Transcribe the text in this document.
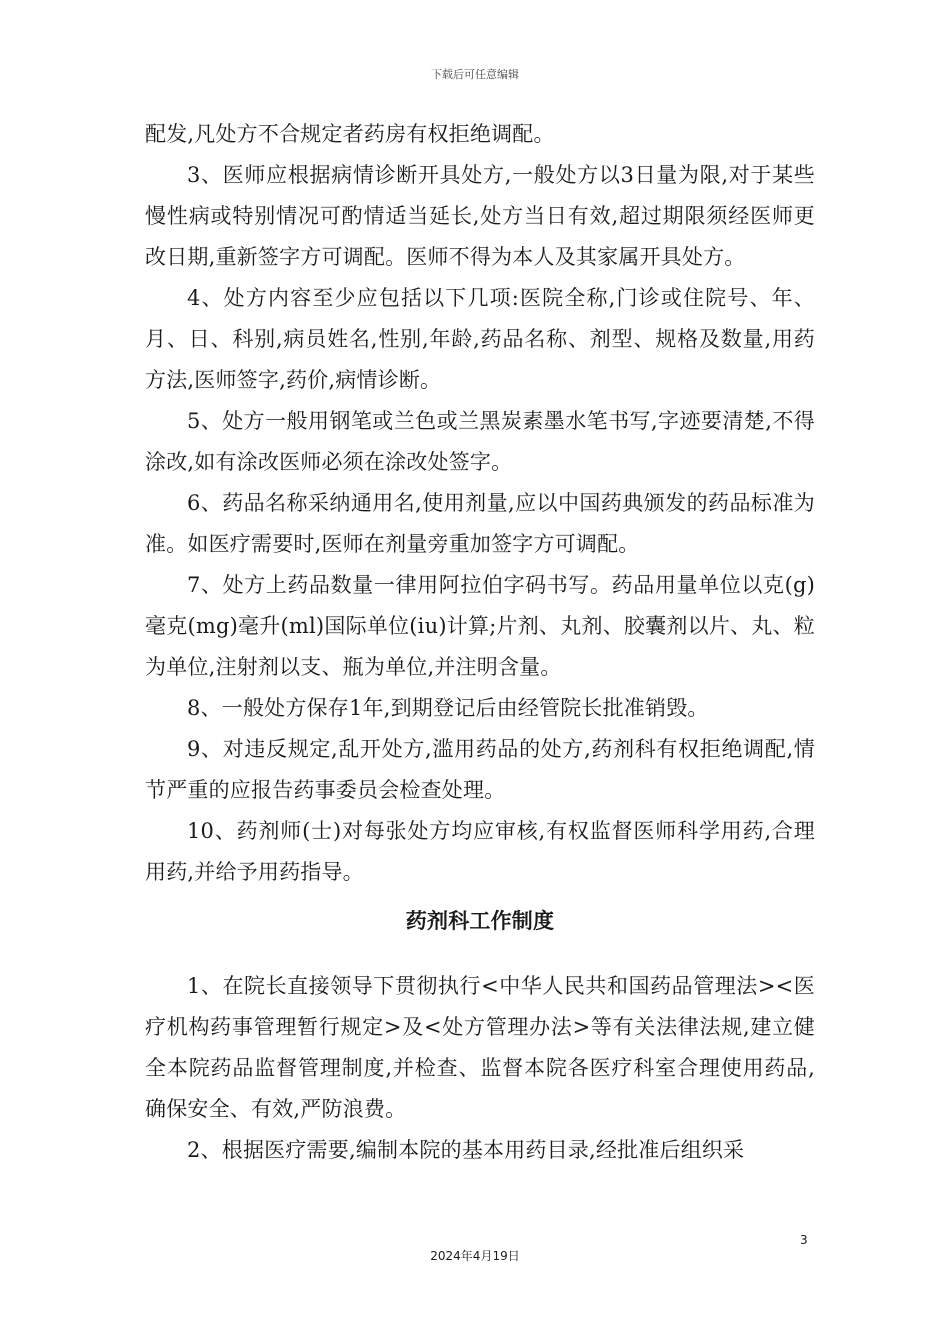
下载后可任意编辑

配发,凡处方不合规定者药房有权拒绝调配。

3、医师应根据病情诊断开具处方,一般处方以3日量为限,对于某些慢性病或特别情况可酌情适当延长,处方当日有效,超过期限须经医师更改日期,重新签字方可调配。医师不得为本人及其家属开具处方。

4、处方内容至少应包括以下几项:医院全称,门诊或住院号、年、月、日、科别,病员姓名,性别,年龄,药品名称、剂型、规格及数量,用药方法,医师签字,药价,病情诊断。

5、处方一般用钢笔或兰色或兰黑炭素墨水笔书写,字迹要清楚,不得涂改,如有涂改医师必须在涂改处签字。

6、药品名称采纳通用名,使用剂量,应以中国药典颁发的药品标准为准。如医疗需要时,医师在剂量旁重加签字方可调配。

7、处方上药品数量一律用阿拉伯字码书写。药品用量单位以克(g)毫克(mg)毫升(ml)国际单位(iu)计算;片剂、丸剂、胶囊剂以片、丸、粒为单位,注射剂以支、瓶为单位,并注明含量。

8、一般处方保存1年,到期登记后由经管院长批准销毁。

9、对违反规定,乱开处方,滥用药品的处方,药剂科有权拒绝调配,情节严重的应报告药事委员会检查处理。

10、药剂师(士)对每张处方均应审核,有权监督医师科学用药,合理用药,并给予用药指导。

药剂科工作制度

1、在院长直接领导下贯彻执行<中华人民共和国药品管理法><医疗机构药事管理暂行规定>及<处方管理办法>等有关法律法规,建立健全本院药品监督管理制度,并检查、监督本院各医疗科室合理使用药品,确保安全、有效,严防浪费。

2、根据医疗需要,编制本院的基本用药目录,经批准后组织采

3
2024年4月19日
